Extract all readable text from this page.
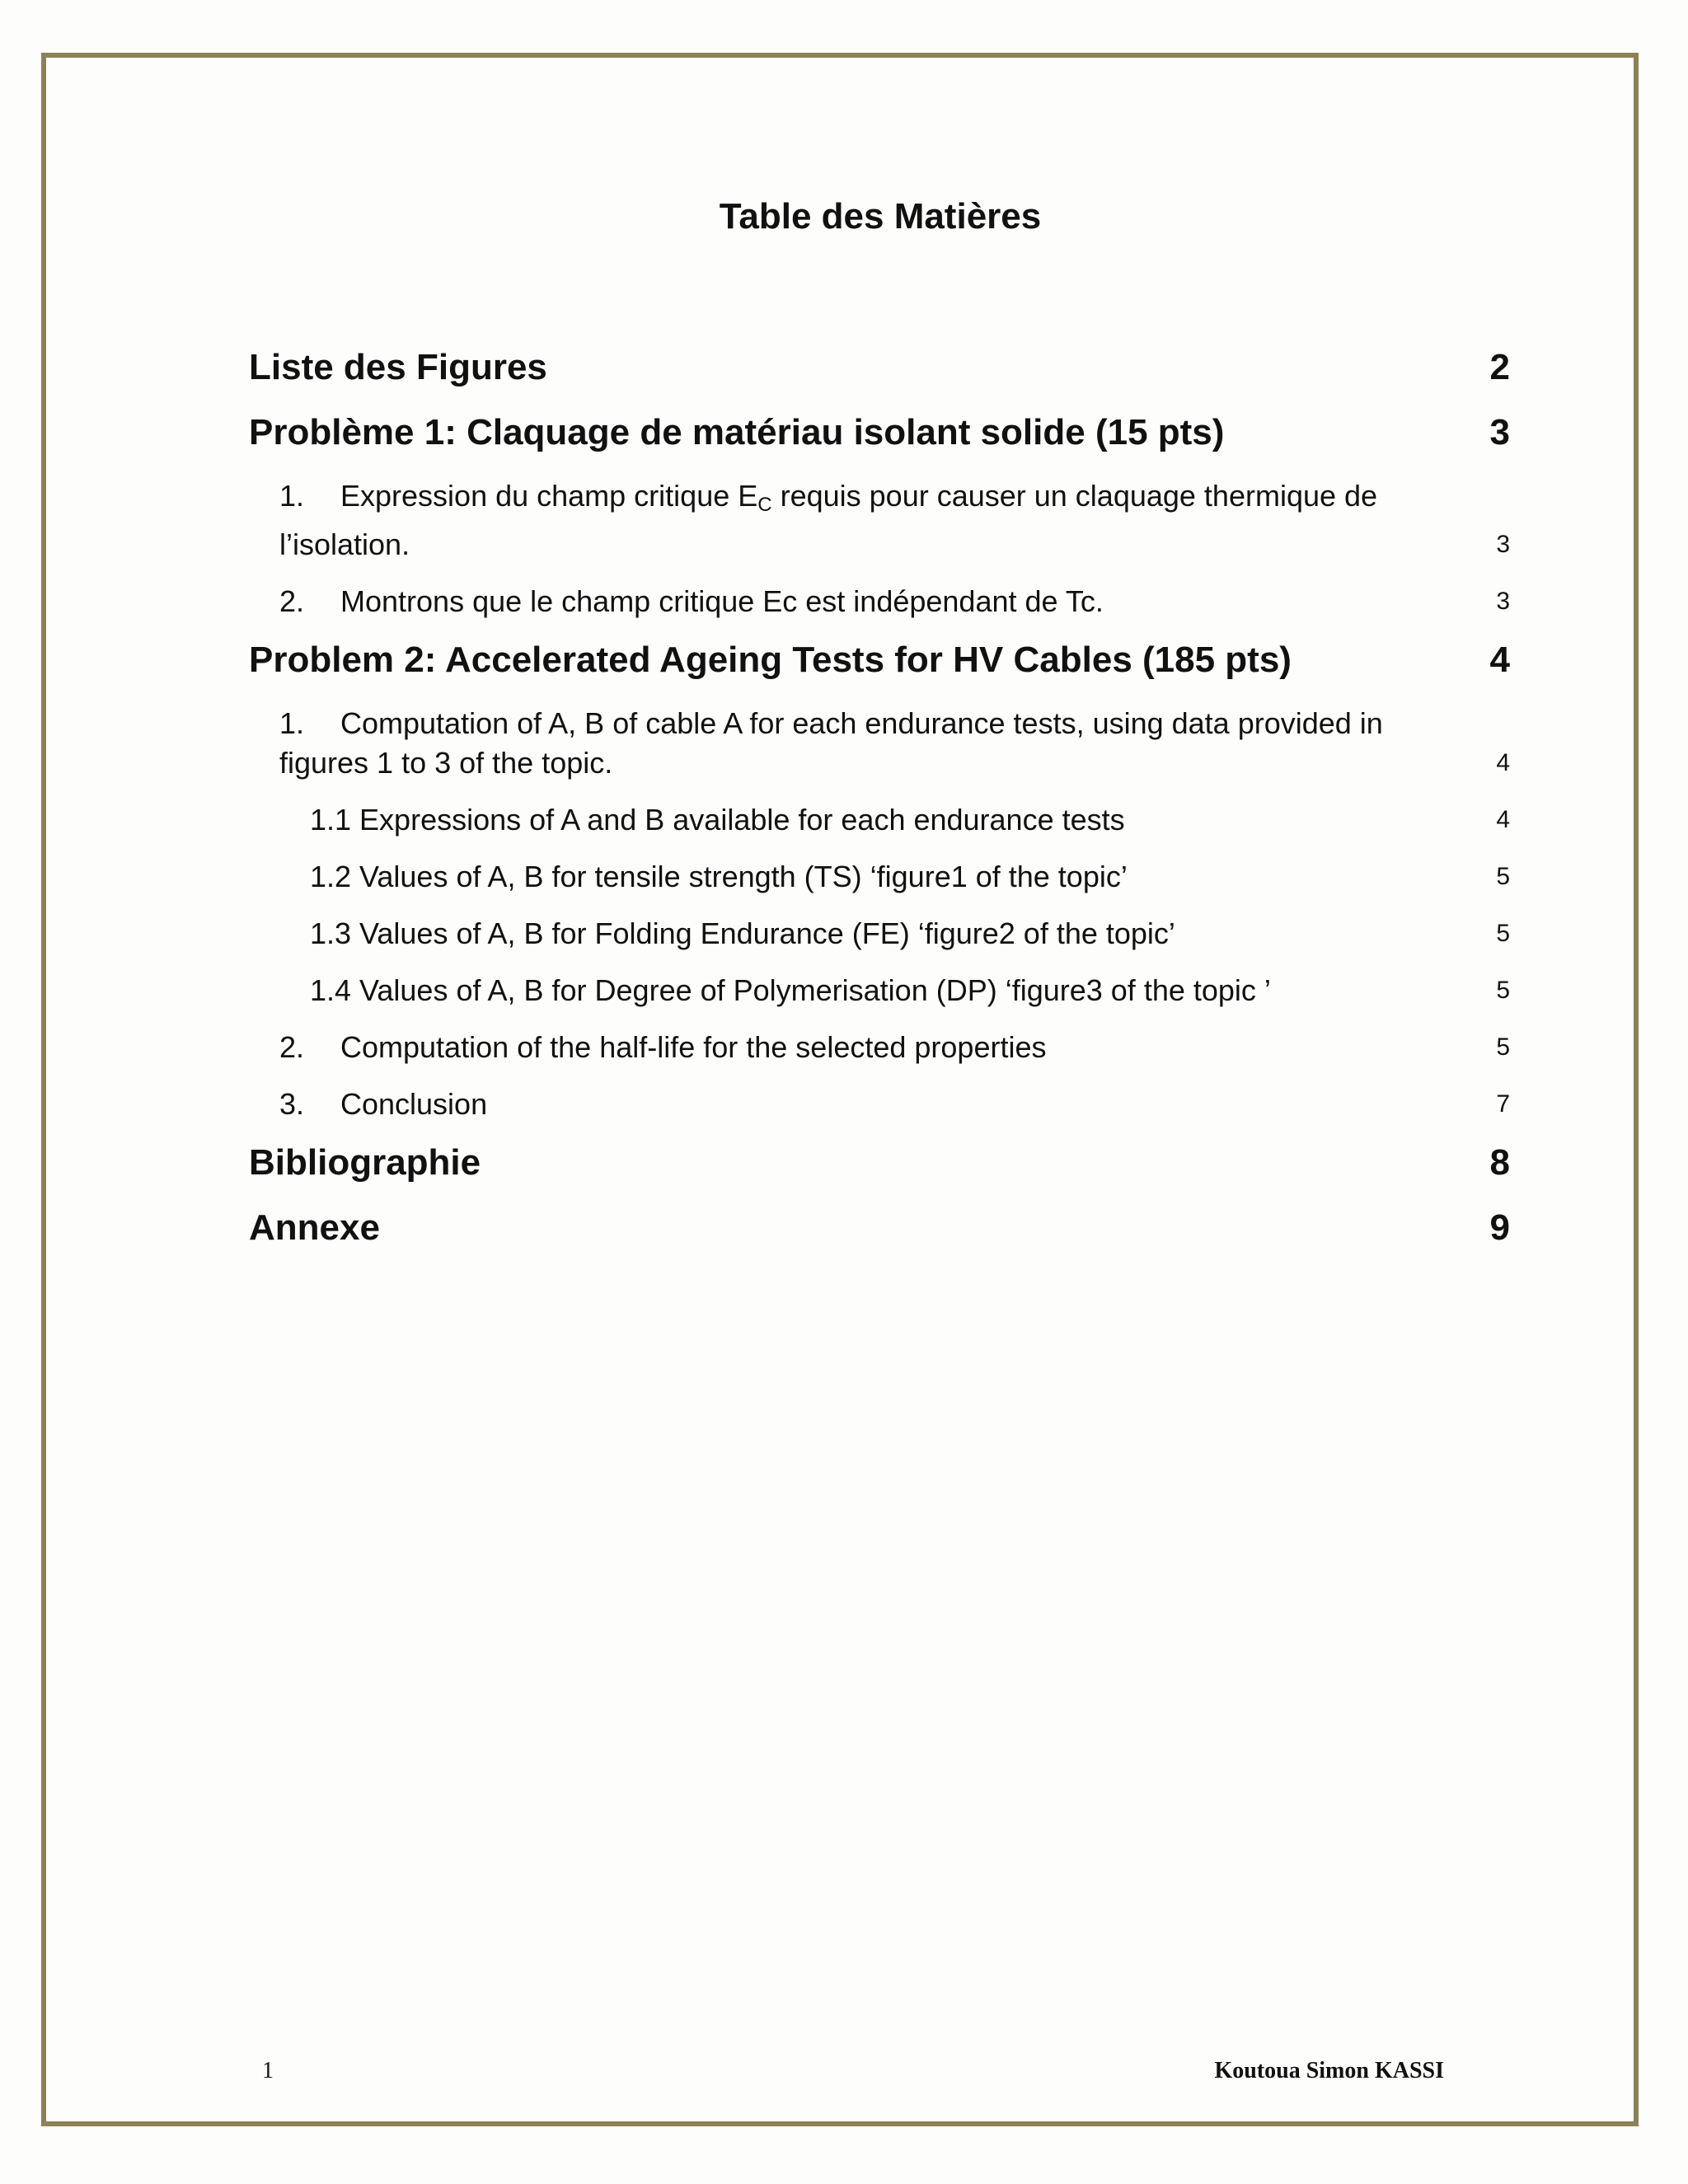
Table des Matières
Liste des Figures	2
Problème 1: Claquage de matériau isolant solide (15 pts)	3
1. Expression du champ critique $E_C$ requis pour causer un claquage thermique de l’isolation.	3
2. Montrons que le champ critique Ec est indépendant de Tc.	3
Problem 2: Accelerated Ageing Tests for HV Cables (185 pts)	4
1. Computation of A, B of cable A for each endurance tests, using data provided in figures 1 to 3 of the topic.	4
1.1 Expressions of A and B available for each endurance tests	4
1.2 Values of A, B for tensile strength (TS) ‘figure1 of the topic’	5
1.3 Values of A, B for Folding Endurance (FE) ‘figure2 of the topic’	5
1.4 Values of A, B for Degree of Polymerisation (DP) ‘figure3 of the topic ’	5
2. Computation of the half-life for the selected properties	5
3. Conclusion	7
Bibliographie	8
Annexe	9
1	Koutoua Simon KASSI
